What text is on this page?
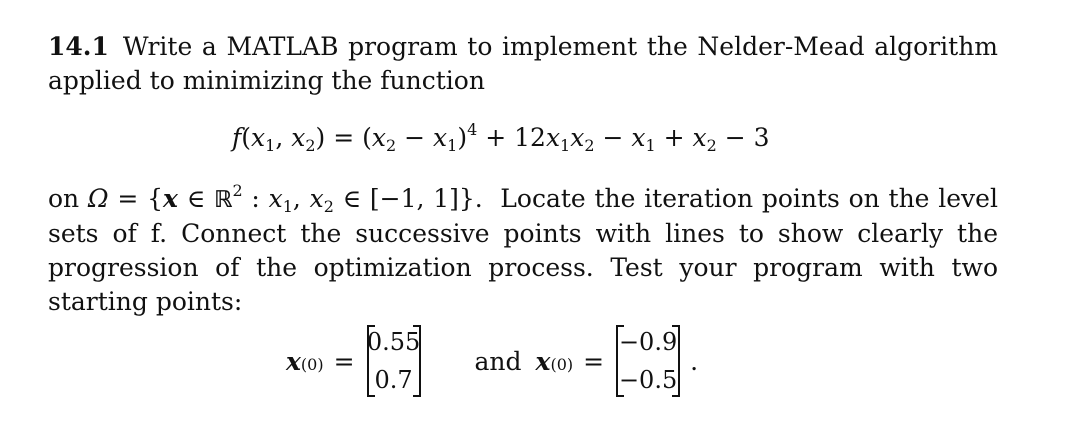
14.1 Write a MATLAB program to implement the Nelder-Mead algorithm applied to minimizing the function
$f(x_1$, $x_2) = (x_2 - x_1)^4 + 12x_1x_2 - x_1 + x_2 - 3$
on Ω = {x ∈ ℝ$^2$ : $x_1$, $x_2$ ∈ [−1, 1]}. Locate the iteration points on the level sets of f. Connect the successive points with lines to show clearly the progression of the optimization process. Test your program with two starting points:
x (0) =
0.55
0.7
and x (0) =
−0.9
−0.5
.
